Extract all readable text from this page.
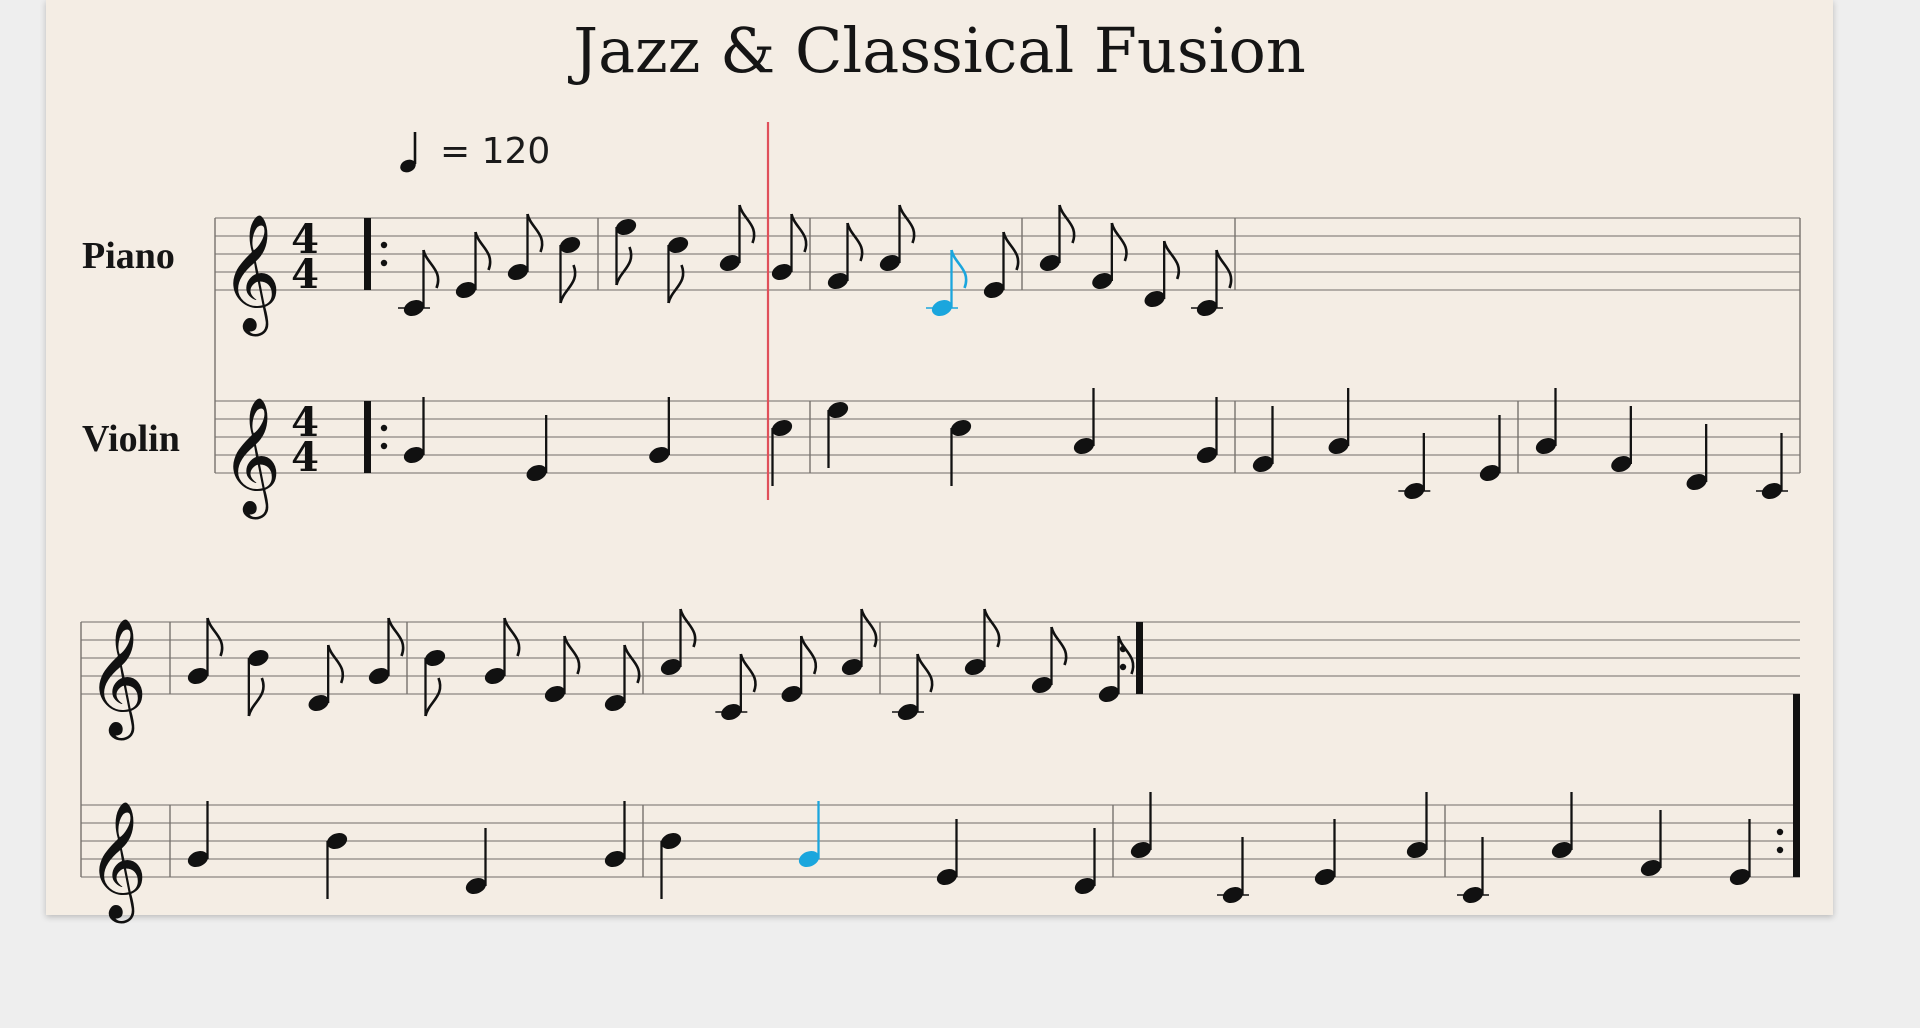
Jazz & Classical Fusion
= 120
Piano
Violin
𝄞
𝄞
4
4
4
4
𝄞
𝄞
